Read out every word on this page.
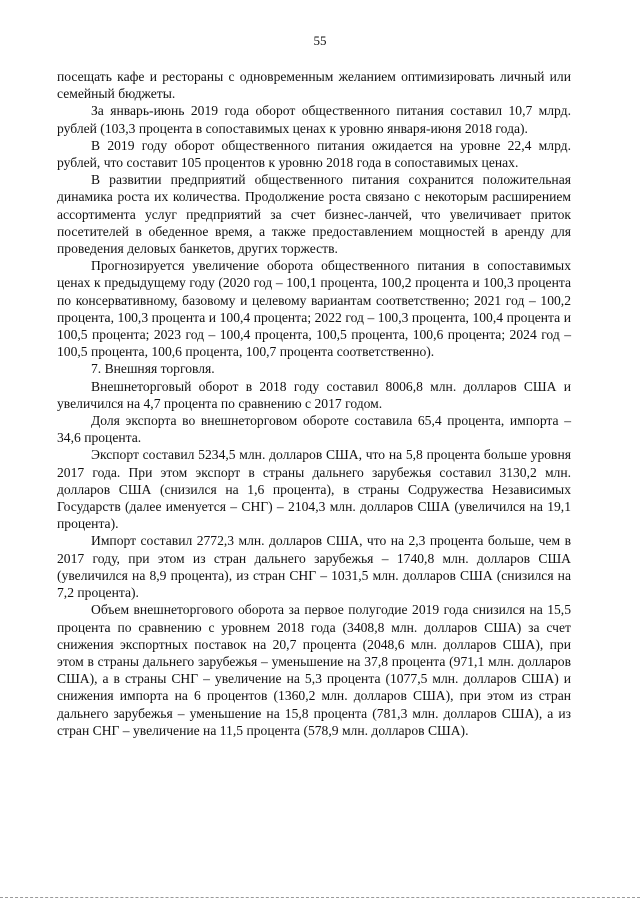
55

посещать кафе и рестораны с одновременным желанием оптимизировать личный или семейный бюджеты.

За январь-июнь 2019 года оборот общественного питания составил 10,7 млрд. рублей (103,3 процента в сопоставимых ценах к уровню января-июня 2018 года).

В 2019 году оборот общественного питания ожидается на уровне 22,4 млрд. рублей, что составит 105 процентов к уровню 2018 года в сопоставимых ценах.

В развитии предприятий общественного питания сохранится положительная динамика роста их количества. Продолжение роста связано с некоторым расширением ассортимента услуг предприятий за счет бизнес-ланчей, что увеличивает приток посетителей в обеденное время, а также предоставлением мощностей в аренду для проведения деловых банкетов, других торжеств.

Прогнозируется увеличение оборота общественного питания в сопоставимых ценах к предыдущему году (2020 год – 100,1 процента, 100,2 процента и 100,3 процента по консервативному, базовому и целевому вариантам соответственно; 2021 год – 100,2 процента, 100,3 процента и 100,4 процента; 2022 год – 100,3 процента, 100,4 процента и 100,5 процента; 2023 год – 100,4 процента, 100,5 процента, 100,6 процента; 2024 год – 100,5 процента, 100,6 процента, 100,7 процента соответственно).

7. Внешняя торговля.

Внешнеторговый оборот в 2018 году составил 8006,8 млн. долларов США и увеличился на 4,7 процента по сравнению с 2017 годом.

Доля экспорта во внешнеторговом обороте составила 65,4 процента, импорта – 34,6 процента.

Экспорт составил 5234,5 млн. долларов США, что на 5,8 процента больше уровня 2017 года. При этом экспорт в страны дальнего зарубежья составил 3130,2 млн. долларов США (снизился на 1,6 процента), в страны Содружества Независимых Государств (далее именуется – СНГ) – 2104,3 млн. долларов США (увеличился на 19,1 процента).

Импорт составил 2772,3 млн. долларов США, что на 2,3 процента больше, чем в 2017 году, при этом из стран дальнего зарубежья – 1740,8 млн. долларов США (увеличился на 8,9 процента), из стран СНГ – 1031,5 млн. долларов США (снизился на 7,2 процента).

Объем внешнеторгового оборота за первое полугодие 2019 года снизился на 15,5 процента по сравнению с уровнем 2018 года (3408,8 млн. долларов США) за счет снижения экспортных поставок на 20,7 процента (2048,6 млн. долларов США), при этом в страны дальнего зарубежья – уменьшение на 37,8 процента (971,1 млн. долларов США), а в страны СНГ – увеличение на 5,3 процента (1077,5 млн. долларов США) и снижения импорта на 6 процентов (1360,2 млн. долларов США), при этом из стран дальнего зарубежья – уменьшение на 15,8 процента (781,3 млн. долларов США), а из стран СНГ – увеличение на 11,5 процента (578,9 млн. долларов США).
